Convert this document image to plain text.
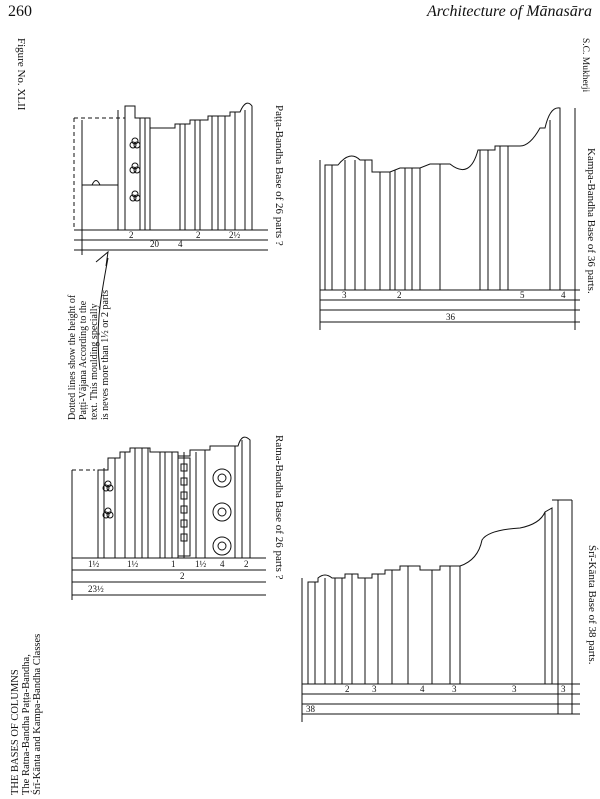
260	Architecture of Mānasāra
Figure No. XLII
THE BASES OF COLUMNS The Ratna-Bandha Paṭṭa-Bandha, Śrī-Kānta and Kampa-Bandha Classes
S.C. Mukherji
Paṭṭa-Bandha Base of 26 parts ?	Kampa-Bandha Base of 36 parts.
Ratna-Bandha Base of 26 parts ?
Śrī-Kānta Base of 38 parts.
Dotted lines show the height of Paṭṭi-Vājana According to the text. This moulding specially is neves more than 1½ or 2 parts
20 4
2	2	2½
36
3	2	5	4
23½
1½	1½	1
2
1½ 4 2
38
2	3	4	3	3	3
